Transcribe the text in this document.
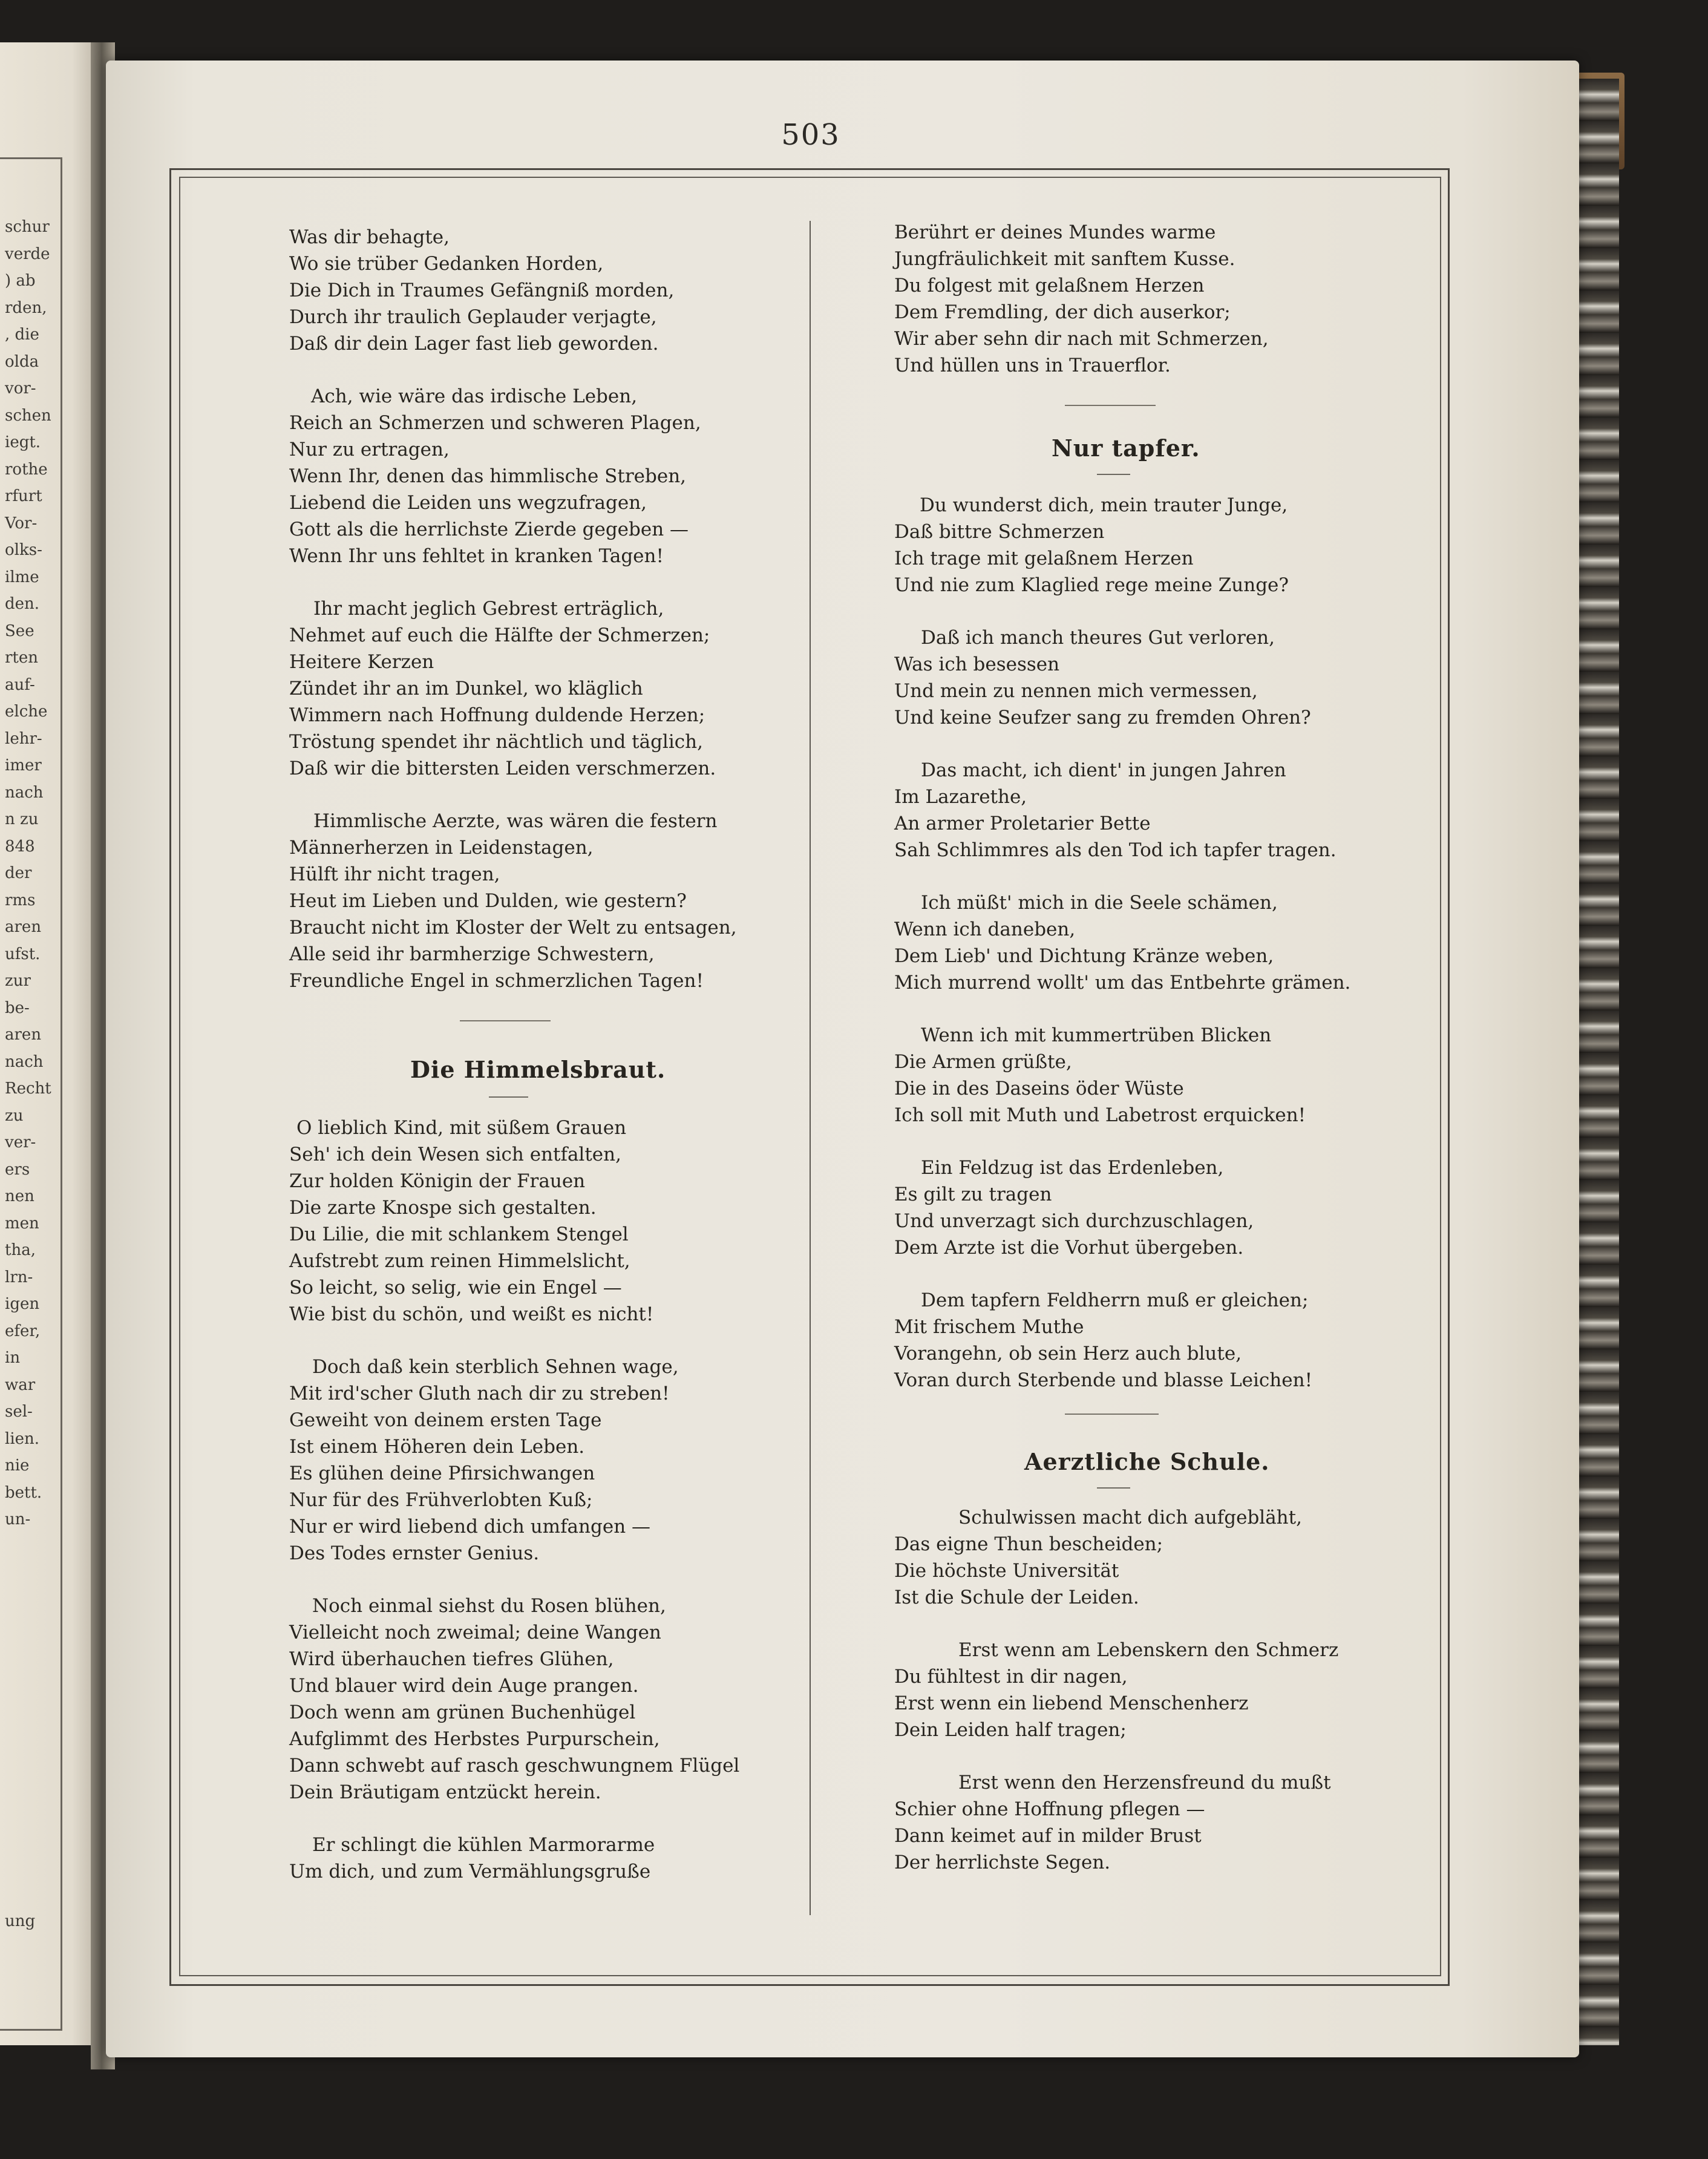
schur
verde
) ab
rden,
, die
olda
vor-
schen
iegt.
rothe
rfurt
Vor-
olks-
ilme
den.
See
rten
auf-
elche
lehr-
imer
nach
n zu
848
der
rms
aren
ufst.
zur
be-
aren
nach
Recht
zu
ver-
ers
nen
men
tha,
lrn-
igen
efer,
in
war
sel-
lien.
nie
bett.
un-
ung
503
Was dir behagte,
Wo sie trüber Gedanken Horden,
Die Dich in Traumes Gefängniß morden,
Durch ihr traulich Geplauder verjagte,
Daß dir dein Lager fast lieb geworden.
Ach, wie wäre das irdische Leben,
Reich an Schmerzen und schweren Plagen,
Nur zu ertragen,
Wenn Ihr, denen das himmlische Streben,
Liebend die Leiden uns wegzufragen,
Gott als die herrlichste Zierde gegeben —
Wenn Ihr uns fehltet in kranken Tagen!
Ihr macht jeglich Gebrest erträglich,
Nehmet auf euch die Hälfte der Schmerzen;
Heitere Kerzen
Zündet ihr an im Dunkel, wo kläglich
Wimmern nach Hoffnung duldende Herzen;
Tröstung spendet ihr nächtlich und täglich,
Daß wir die bittersten Leiden verschmerzen.
Himmlische Aerzte, was wären die festern
Männerherzen in Leidenstagen,
Hülft ihr nicht tragen,
Heut im Lieben und Dulden, wie gestern?
Braucht nicht im Kloster der Welt zu entsagen,
Alle seid ihr barmherzige Schwestern,
Freundliche Engel in schmerzlichen Tagen!
Die Himmelsbraut.
O lieblich Kind, mit süßem Grauen
Seh' ich dein Wesen sich entfalten,
Zur holden Königin der Frauen
Die zarte Knospe sich gestalten.
Du Lilie, die mit schlankem Stengel
Aufstrebt zum reinen Himmelslicht,
So leicht, so selig, wie ein Engel —
Wie bist du schön, und weißt es nicht!
Doch daß kein sterblich Sehnen wage,
Mit ird'scher Gluth nach dir zu streben!
Geweiht von deinem ersten Tage
Ist einem Höheren dein Leben.
Es glühen deine Pfirsichwangen
Nur für des Frühverlobten Kuß;
Nur er wird liebend dich umfangen —
Des Todes ernster Genius.
Noch einmal siehst du Rosen blühen,
Vielleicht noch zweimal; deine Wangen
Wird überhauchen tiefres Glühen,
Und blauer wird dein Auge prangen.
Doch wenn am grünen Buchenhügel
Aufglimmt des Herbstes Purpurschein,
Dann schwebt auf rasch geschwungnem Flügel
Dein Bräutigam entzückt herein.
Er schlingt die kühlen Marmorarme
Um dich, und zum Vermählungsgruße
Berührt er deines Mundes warme
Jungfräulichkeit mit sanftem Kusse.
Du folgest mit gelaßnem Herzen
Dem Fremdling, der dich auserkor;
Wir aber sehn dir nach mit Schmerzen,
Und hüllen uns in Trauerflor.
Nur tapfer.
Du wunderst dich, mein trauter Junge,
Daß bittre Schmerzen
Ich trage mit gelaßnem Herzen
Und nie zum Klaglied rege meine Zunge?
Daß ich manch theures Gut verloren,
Was ich besessen
Und mein zu nennen mich vermessen,
Und keine Seufzer sang zu fremden Ohren?
Das macht, ich dient' in jungen Jahren
Im Lazarethe,
An armer Proletarier Bette
Sah Schlimmres als den Tod ich tapfer tragen.
Ich müßt' mich in die Seele schämen,
Wenn ich daneben,
Dem Lieb' und Dichtung Kränze weben,
Mich murrend wollt' um das Entbehrte grämen.
Wenn ich mit kummertrüben Blicken
Die Armen grüßte,
Die in des Daseins öder Wüste
Ich soll mit Muth und Labetrost erquicken!
Ein Feldzug ist das Erdenleben,
Es gilt zu tragen
Und unverzagt sich durchzuschlagen,
Dem Arzte ist die Vorhut übergeben.
Dem tapfern Feldherrn muß er gleichen;
Mit frischem Muthe
Vorangehn, ob sein Herz auch blute,
Voran durch Sterbende und blasse Leichen!
Aerztliche Schule.
Schulwissen macht dich aufgebläht,
Das eigne Thun bescheiden;
Die höchste Universität
Ist die Schule der Leiden.
Erst wenn am Lebenskern den Schmerz
Du fühltest in dir nagen,
Erst wenn ein liebend Menschenherz
Dein Leiden half tragen;
Erst wenn den Herzensfreund du mußt
Schier ohne Hoffnung pflegen —
Dann keimet auf in milder Brust
Der herrlichste Segen.
